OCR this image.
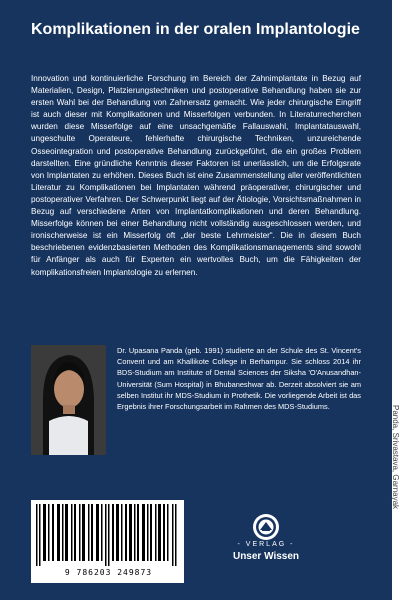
Komplikationen in der oralen Implantologie
Innovation und kontinuierliche Forschung im Bereich der Zahnimplantate in Bezug auf Materialien, Design, Platzierungstechniken und postoperative Behandlung haben sie zur ersten Wahl bei der Behandlung von Zahnersatz gemacht. Wie jeder chirurgische Eingriff ist auch dieser mit Komplikationen und Misserfolgen verbunden. In Literaturrecherchen wurden diese Misserfolge auf eine unsachgemäße Fallauswahl, Implantatauswahl, ungeschulte Operateure, fehlerhafte chirurgische Techniken, unzureichende Osseointegration und postoperative Behandlung zurückgeführt, die ein großes Problem darstellten. Eine gründliche Kenntnis dieser Faktoren ist unerlässlich, um die Erfolgsrate von Implantaten zu erhöhen. Dieses Buch ist eine Zusammenstellung aller veröffentlichten Literatur zu Komplikationen bei Implantaten während präoperativer, chirurgischer und postoperativer Verfahren. Der Schwerpunkt liegt auf der Ätiologie, Vorsichtsmaßnahmen in Bezug auf verschiedene Arten von Implantatkomplikationen und deren Behandlung. Misserfolge können bei einer Behandlung nicht vollständig ausgeschlossen werden, und ironischerweise ist ein Misserfolg oft „der beste Lehrmeister“. Die in diesem Buch beschriebenen evidenzbasierten Methoden des Komplikationsmanagements sind sowohl für Anfänger als auch für Experten ein wertvolles Buch, um die Fähigkeiten der komplikationsfreien Implantologie zu erlernen.
Dr. Upasana Panda (geb. 1991) studierte an der Schule des St. Vincent's Convent und am Khallikote College in Berhampur. Sie schloss 2014 ihr BDS-Studium am Institute of Dental Sciences der Siksha 'O'Anusandhan-Universität (Sum Hospital) in Bhubaneshwar ab. Derzeit absolviert sie am selben Institut ihr MDS-Studium in Prothetik. Die vorliegende Arbeit ist das Ergebnis ihrer Forschungsarbeit im Rahmen des MDS-Studiums.
9 786203 249873
- VERLAG -
Unser Wissen
Panda, Srivastava, Garnayak
